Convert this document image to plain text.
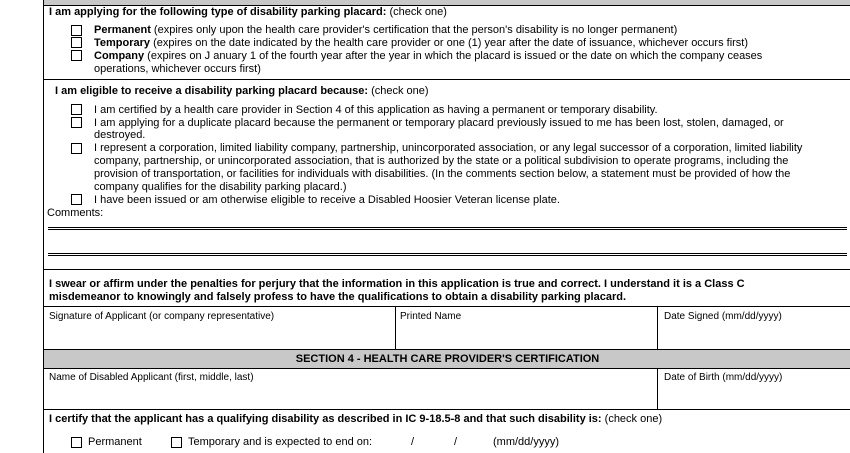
I am applying for the following type of disability parking placard: (check one)
Permanent (expires only upon the health care provider's certification that the person's disability is no longer permanent)
Temporary (expires on the date indicated by the health care provider or one (1) year after the date of issuance, whichever occurs first)
Company (expires on J anuary 1 of the fourth year after the year in which the placard is issued or the date on which the company ceases
operations, whichever occurs first)
I am eligible to receive a disability parking placard because: (check one)
I am certified by a health care provider in Section 4 of this application as having a permanent or temporary disability.
I am applying for a duplicate placard because the permanent or temporary placard previously issued to me has been lost, stolen, damaged, or
destroyed.
I represent a corporation, limited liability company, partnership, unincorporated association, or any legal successor of a corporation, limited liability
company, partnership, or unincorporated association, that is authorized by the state or a political subdivision to operate programs, including the
provision of transportation, or facilities for individuals with disabilities. (In the comments section below, a statement must be provided of how the
company qualifies for the disability parking placard.)
I have been issued or am otherwise eligible to receive a Disabled Hoosier Veteran license plate.
Comments:
I swear or affirm under the penalties for perjury that the information in this application is true and correct. I understand it is a Class C
misdemeanor to knowingly and falsely profess to have the qualifications to obtain a disability parking placard.
Signature of Applicant (or company representative)	Printed Name	Date Signed (mm/dd/yyyy)
SECTION 4 - HEALTH CARE PROVIDER'S CERTIFICATION
Name of Disabled Applicant (first, middle, last)	Date of Birth (mm/dd/yyyy)
I certify that the applicant has a qualifying disability as described in IC 9-18.5-8 and that such disability is: (check one)
Permanent	Temporary and is expected to end on:	/	/	(mm/dd/yyyy)
